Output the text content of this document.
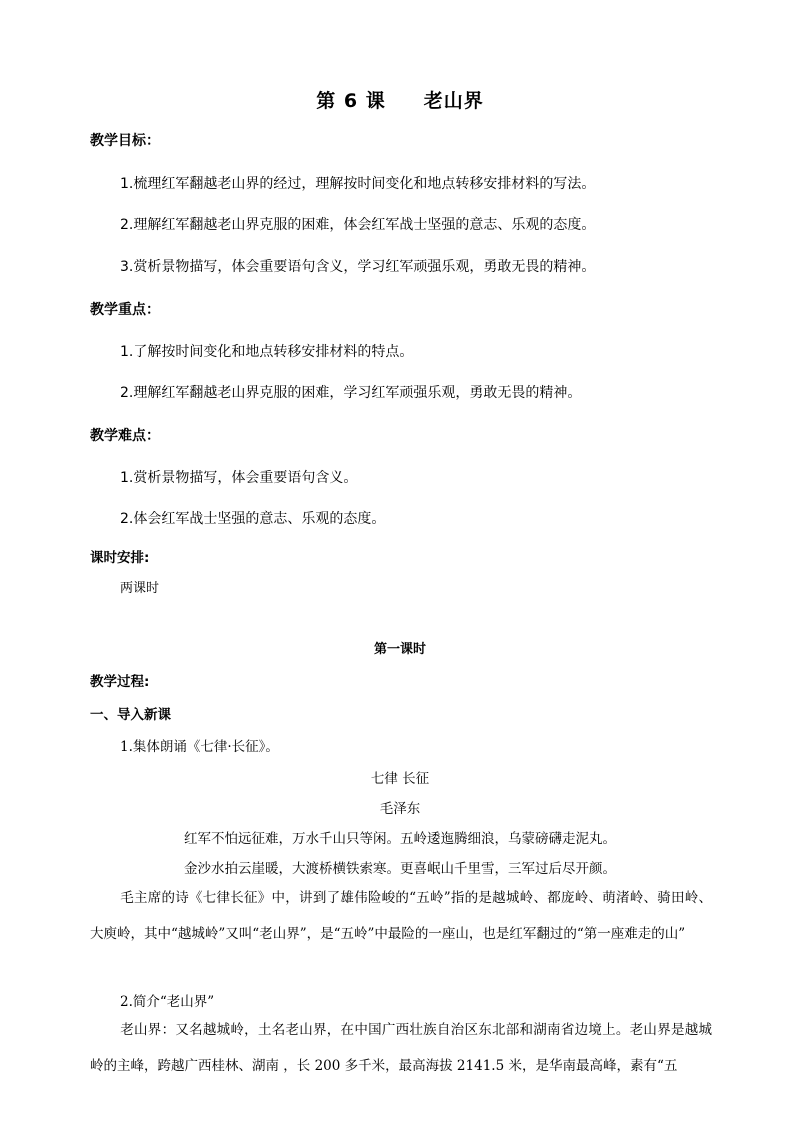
第 6 课 老山界
教学目标：
1.梳理红军翻越老山界的经过，理解按时间变化和地点转移安排材料的写法。
2.理解红军翻越老山界克服的困难，体会红军战士坚强的意志、乐观的态度。
3.赏析景物描写，体会重要语句含义，学习红军顽强乐观，勇敢无畏的精神。
教学重点：
1.了解按时间变化和地点转移安排材料的特点。
2.理解红军翻越老山界克服的困难，学习红军顽强乐观，勇敢无畏的精神。
教学难点：
1.赏析景物描写，体会重要语句含义。
2.体会红军战士坚强的意志、乐观的态度。
课时安排:
两课时
第一课时
教学过程:
一、导入新课
1.集体朗诵《七律·长征》。
七律 长征
毛泽东
红军不怕远征难，万水千山只等闲。五岭逶迤腾细浪，乌蒙磅礴走泥丸。
金沙水拍云崖暖，大渡桥横铁索寒。更喜岷山千里雪，三军过后尽开颜。
毛主席的诗《七律长征》中，讲到了雄伟险峻的“五岭”指的是越城岭、都庞岭、萌渚岭、骑田岭、大庾岭，其中“越城岭”又叫“老山界”，是“五岭”中最险的一座山，也是红军翻过的“第一座难走的山”
2.简介“老山界”
老山界：又名越城岭，土名老山界，在中国广西壮族自治区东北部和湖南省边境上。老山界是越城岭的主峰，跨越广西桂林、湖南 ，长 200 多千米，最高海拔 2141.5 米，是华南最高峰，素有“五
